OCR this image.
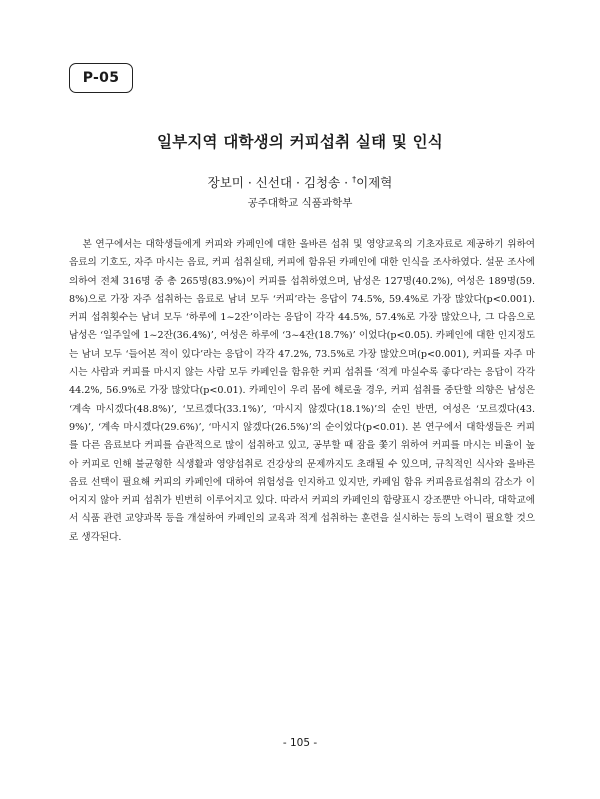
P-05
일부지역 대학생의 커피섭취 실태 및 인식
장보미 · 신선대 · 김청송 · †이제혁
공주대학교 식품과학부

본 연구에서는 대학생들에게 커피와 카페인에 대한 올바른 섭취 및 영양교육의 기초자료로 제공하기 위하여 음료의 기호도, 자주 마시는 음료, 커피 섭취실태, 커피에 함유된 카페인에 대한 인식을 조사하였다. 설문 조사에 의하여 전체 316명 중 총 265명(83.9%)이 커피를 섭취하였으며, 남성은 127명(40.2%), 여성은 189명(59.8%)으로 가장 자주 섭취하는 음료로 남녀 모두 ‘커피’라는 응답이 74.5%, 59.4%로 가장 많았다(p<0.001). 커피 섭취횟수는 남녀 모두 ‘하루에 1~2잔’이라는 응답이 각각 44.5%, 57.4%로 가장 많았으나, 그 다음으로 남성은 ‘일주일에 1~2잔(36.4%)’, 여성은 하루에 ‘3~4잔(18.7%)’ 이었다(p<0.05). 카페인에 대한 인지정도는 남녀 모두 ‘들어본 적이 있다’라는 응답이 각각 47.2%, 73.5%로 가장 많았으며(p<0.001), 커피를 자주 마시는 사람과 커피를 마시지 않는 사람 모두 카페인을 함유한 커피 섭취를 ‘적게 마실수록 좋다’라는 응답이 각각 44.2%, 56.9%로 가장 많았다(p<0.01). 카페인이 우리 몸에 해로울 경우, 커피 섭취를 중단할 의향은 남성은 ‘계속 마시겠다(48.8%)’, ‘모르겠다(33.1%)’, ‘마시지 않겠다(18.1%)’의 순인 반면, 여성은 ‘모르겠다(43.9%)’, ‘계속 마시겠다(29.6%)’, ‘마시지 않겠다(26.5%)’의 순이었다(p<0.01). 본 연구에서 대학생들은 커피를 다른 음료보다 커피를 습관적으로 많이 섭취하고 있고, 공부할 때 잠을 쫓기 위하여 커피를 마시는 비율이 높아 커피로 인해 불균형한 식생활과 영양섭취로 건강상의 문제까지도 초래될 수 있으며, 규칙적인 식사와 올바른 음료 선택이 필요해 커피의 카페인에 대하여 위험성을 인지하고 있지만, 카페임 함유 커피음료섭취의 감소가 이어지지 않아 커피 섭취가 빈번히 이루어지고 있다. 따라서 커피의 카페인의 함량표시 강조뿐만 아니라, 대학교에서 식품 관련 교양과목 등을 개설하여 카페인의 교육과 적게 섭취하는 훈련을 실시하는 등의 노력이 필요할 것으로 생각된다.

- 105 -
